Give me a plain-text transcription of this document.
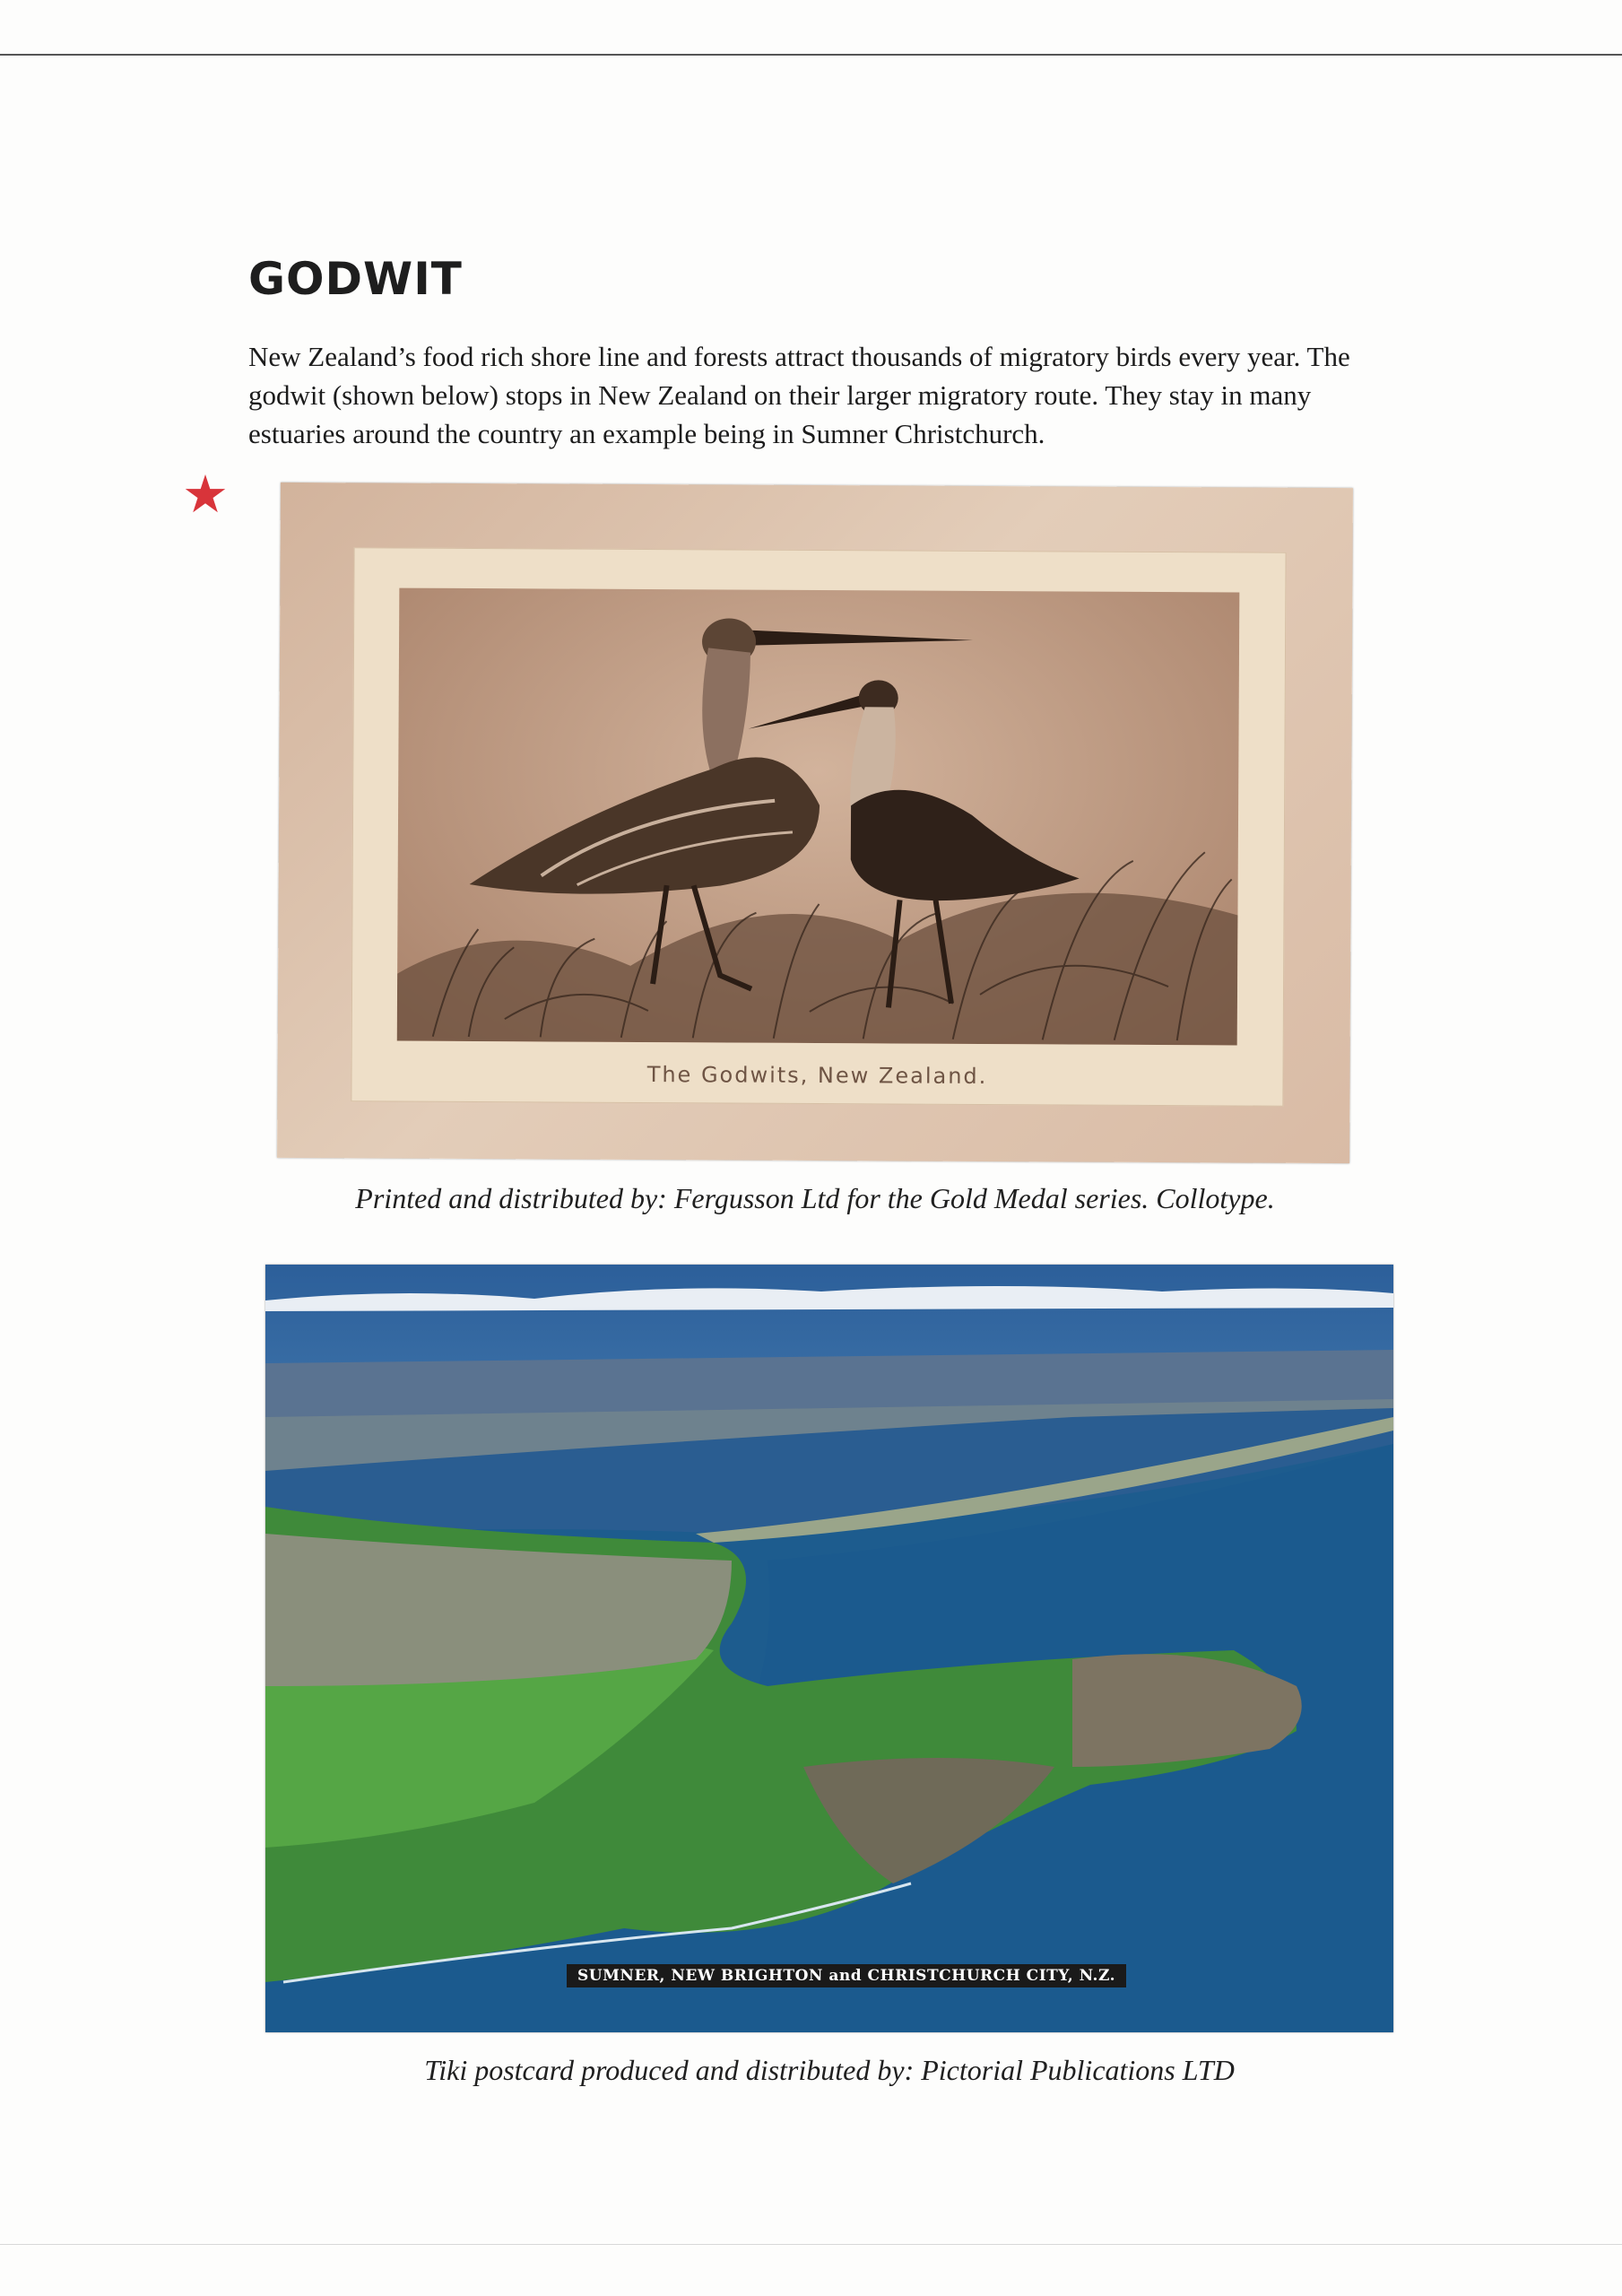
GODWIT

New Zealand’s food rich shore line and forests attract thousands of migratory birds every year. The godwit (shown below) stops in New Zealand on their larger migratory route. They stay in many estuaries around the country an example being in Sumner Christchurch.

★
The Godwits, New Zealand.

Printed and distributed by: Fergusson Ltd for the Gold Medal series. Collotype.

SUMNER, NEW BRIGHTON and CHRISTCHURCH CITY, N.Z.

Tiki postcard produced and distributed by: Pictorial Publications LTD
